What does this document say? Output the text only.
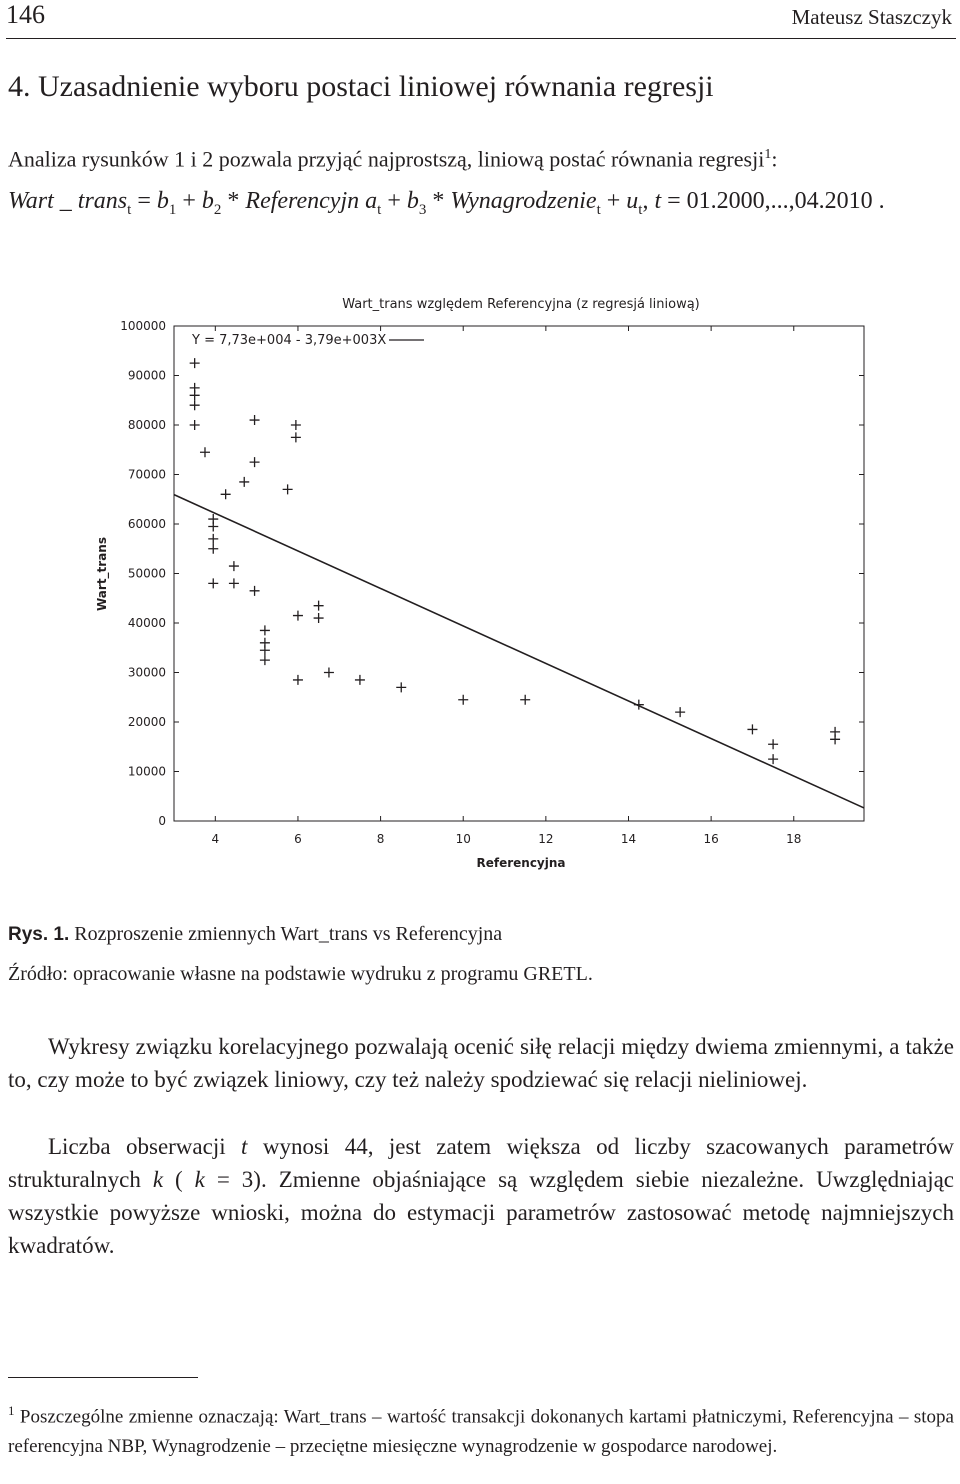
146	Mateusz Staszczyk
4. Uzasadnienie wyboru postaci liniowej równania regresji
Analiza rysunków 1 i 2 pozwala przyjąć najprostszą, liniową postać równania regresji$^1$:
Wart _ trans$_t$ = $b_1 + b_2$ * Referencyjn $a_t + b_3$ * Wynagrodzenie$_t$ + $u_t$, t = 01.2000,...,04.2010 .
Wart_trans względem Referencyjna (z regresjá liniową)
0
10000
20000
30000
40000
50000
60000
70000
80000
90000
100000
4	6	8	10	12	14	16	18
Wart_trans
Referencyjna
Y = 7,73e+004 - 3,79e+003X
Rys. 1. Rozproszenie zmiennych Wart_trans vs Referencyjna
Źródło: opracowanie własne na podstawie wydruku z programu GRETL.
Wykresy związku korelacyjnego pozwalają ocenić siłę relacji między dwiema zmiennymi, a także to, czy może to być związek liniowy, czy też należy spodziewać się relacji nieliniowej.
Liczba obserwacji t wynosi 44, jest zatem większa od liczby szacowanych parametrów strukturalnych k ( k = 3). Zmienne objaśniające są względem siebie niezależne. Uwzględniając wszystkie powyższe wnioski, można do estymacji parametrów zastosować metodę najmniejszych kwadratów.
$^1$ Poszczególne zmienne oznaczają: Wart_trans – wartość transakcji dokonanych kartami płatniczymi, Referencyjna – stopa referencyjna NBP, Wynagrodzenie – przeciętne miesięczne wynagrodzenie w gospodarce narodowej.
